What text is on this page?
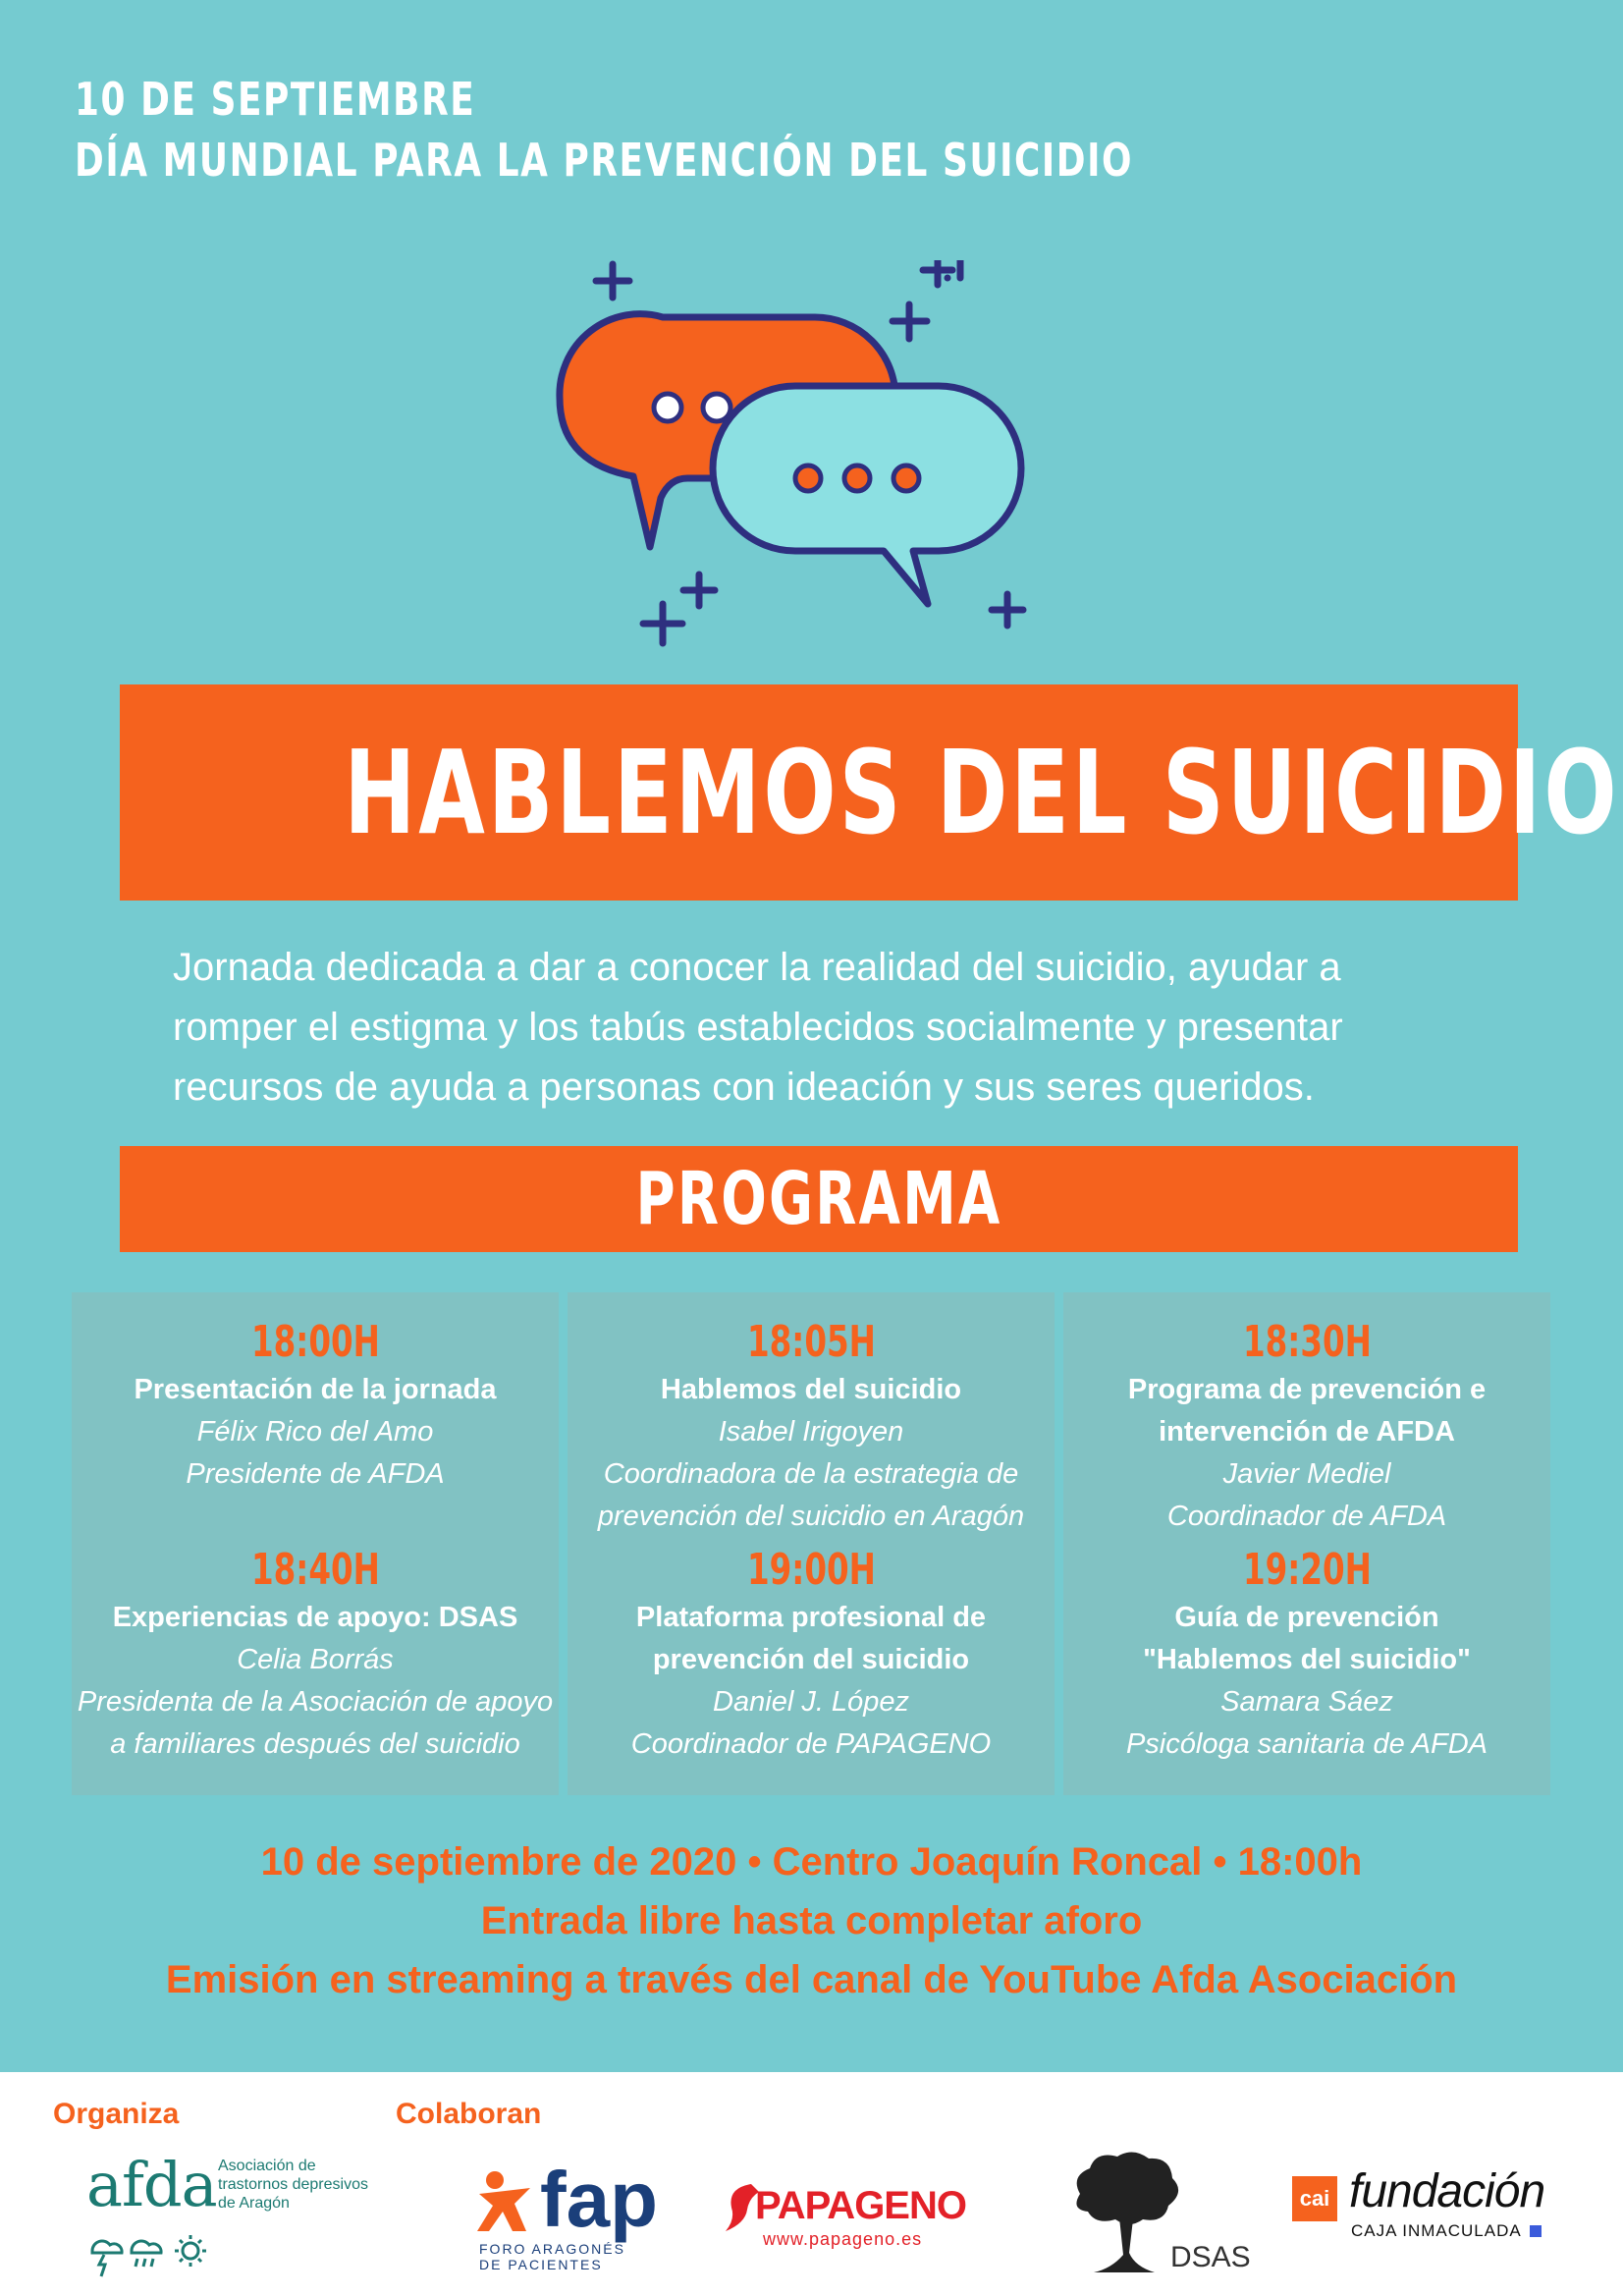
10 DE SEPTIEMBRE
DÍA MUNDIAL PARA LA PREVENCIÓN DEL SUICIDIO
HABLEMOS DEL SUICIDIO
Jornada dedicada a dar a conocer la realidad del suicidio, ayudar a
romper el estigma y los tabús establecidos socialmente y presentar
recursos de ayuda a personas con ideación y sus seres queridos.
PROGRAMA
18:00H
Presentación de la jornada
Félix Rico del Amo
Presidente de AFDA
18:40H
Experiencias de apoyo: DSAS
Celia Borrás
Presidenta de la Asociación de apoyo
a familiares después del suicidio
18:05H
Hablemos del suicidio
Isabel Irigoyen
Coordinadora de la estrategia de
prevención del suicidio en Aragón
19:00H
Plataforma profesional de
prevención del suicidio
Daniel J. López
Coordinador de PAPAGENO
18:30H
Programa de prevención e
intervención de AFDA
Javier Mediel
Coordinador de AFDA
19:20H
Guía de prevención
"Hablemos del suicidio"
Samara Sáez
Psicóloga sanitaria de AFDA
10 de septiembre de 2020 • Centro Joaquín Roncal • 18:00h
Entrada libre hasta completar aforo
Emisión en streaming a través del canal de YouTube Afda Asociación
Organiza	Colaboran
afda Asociación de
trastornos depresivos
de Aragón	fap
FORO ARAGONÉS
DE PACIENTES
PAPAGENO
www.papageno.es
DSAS
cai fundación
CAJA INMACULADA
